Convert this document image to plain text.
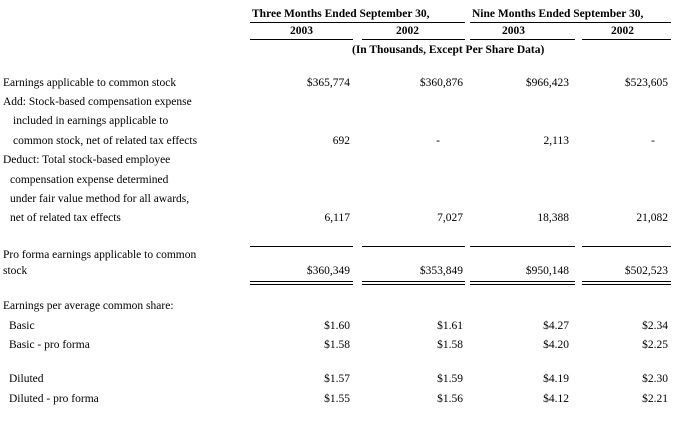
Three Months Ended September 30,	Nine Months Ended September 30,
2003	2002	2003	2002
(In Thousands, Except Per Share Data)
Earnings applicable to common stock	$365,774	$360,876	$966,423	$523,605
Add: Stock-based compensation expense
included in earnings applicable to
common stock, net of related tax effects	692	-	2,113	-
Deduct: Total stock-based employee
compensation expense determined
under fair value method for all awards,
net of related tax effects	6,117	7,027	18,388	21,082
Pro forma earnings applicable to common
stock	$360,349	$353,849	$950,148	$502,523
Earnings per average common share:
Basic	$1.60	$1.61	$4.27	$2.34
Basic - pro forma	$1.58	$1.58	$4.20	$2.25
Diluted	$1.57	$1.59	$4.19	$2.30
Diluted - pro forma	$1.55	$1.56	$4.12	$2.21
